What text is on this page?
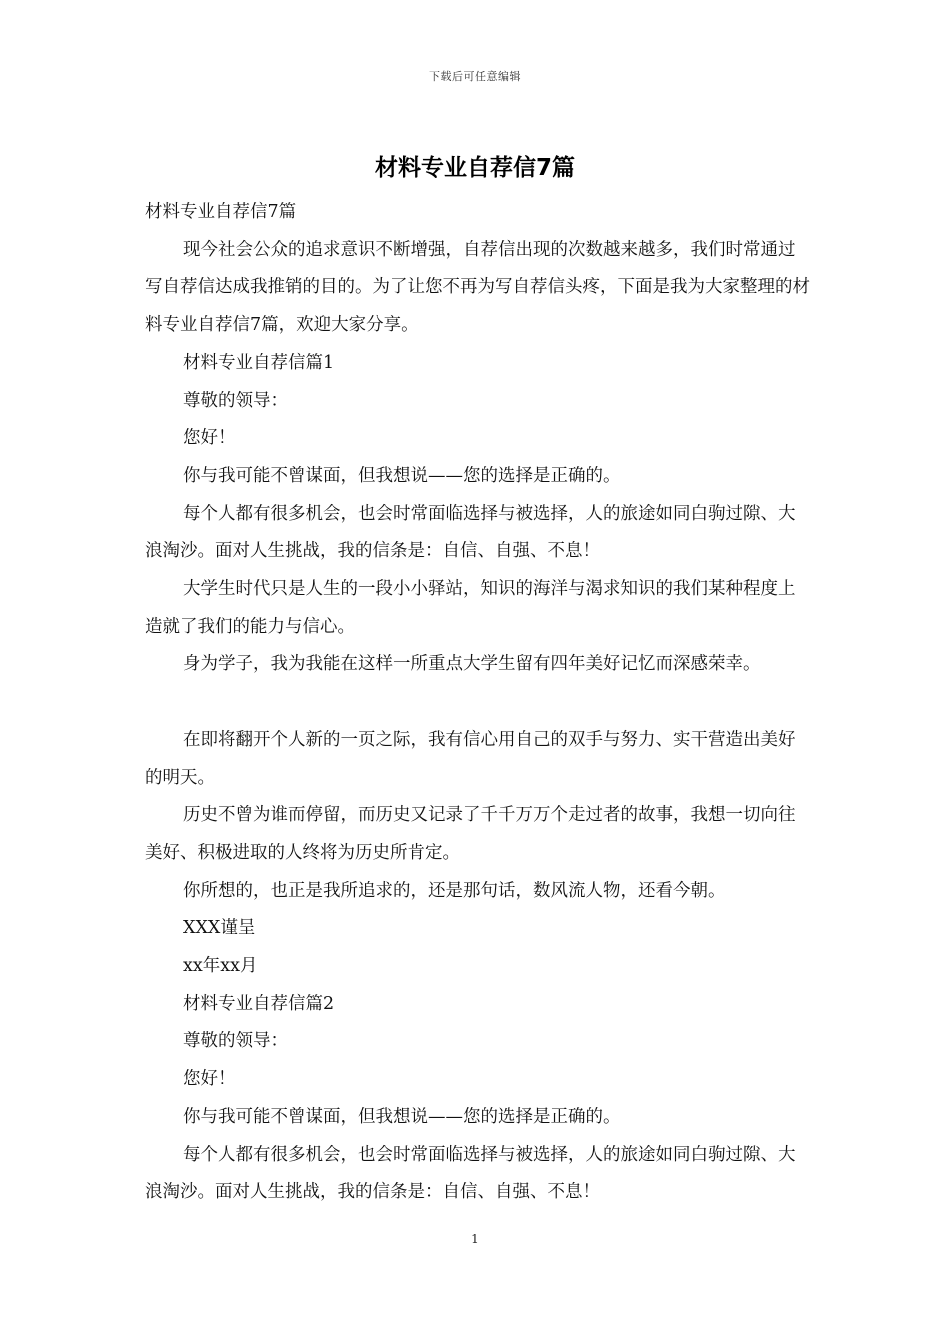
下载后可任意编辑
材料专业自荐信7篇

材料专业自荐信7篇

现今社会公众的追求意识不断增强，自荐信出现的次数越来越多，我们时常通过写自荐信达成我推销的目的。为了让您不再为写自荐信头疼，下面是我为大家整理的材料专业自荐信7篇，欢迎大家分享。

材料专业自荐信篇1

尊敬的领导：

您好！

你与我可能不曾谋面，但我想说——您的选择是正确的。

每个人都有很多机会，也会时常面临选择与被选择，人的旅途如同白驹过隙、大浪淘沙。面对人生挑战，我的信条是：自信、自强、不息！

大学生时代只是人生的一段小小驿站，知识的海洋与渴求知识的我们某种程度上造就了我们的能力与信心。

身为学子，我为我能在这样一所重点大学生留有四年美好记忆而深感荣幸。

在即将翻开个人新的一页之际，我有信心用自己的双手与努力、实干营造出美好的明天。

历史不曾为谁而停留，而历史又记录了千千万万个走过者的故事，我想一切向往美好、积极进取的人终将为历史所肯定。

你所想的，也正是我所追求的，还是那句话，数风流人物，还看今朝。

XXX谨呈

xx年xx月

材料专业自荐信篇2

尊敬的领导：

您好！

你与我可能不曾谋面，但我想说——您的选择是正确的。

每个人都有很多机会，也会时常面临选择与被选择，人的旅途如同白驹过隙、大浪淘沙。面对人生挑战，我的信条是：自信、自强、不息！

1
